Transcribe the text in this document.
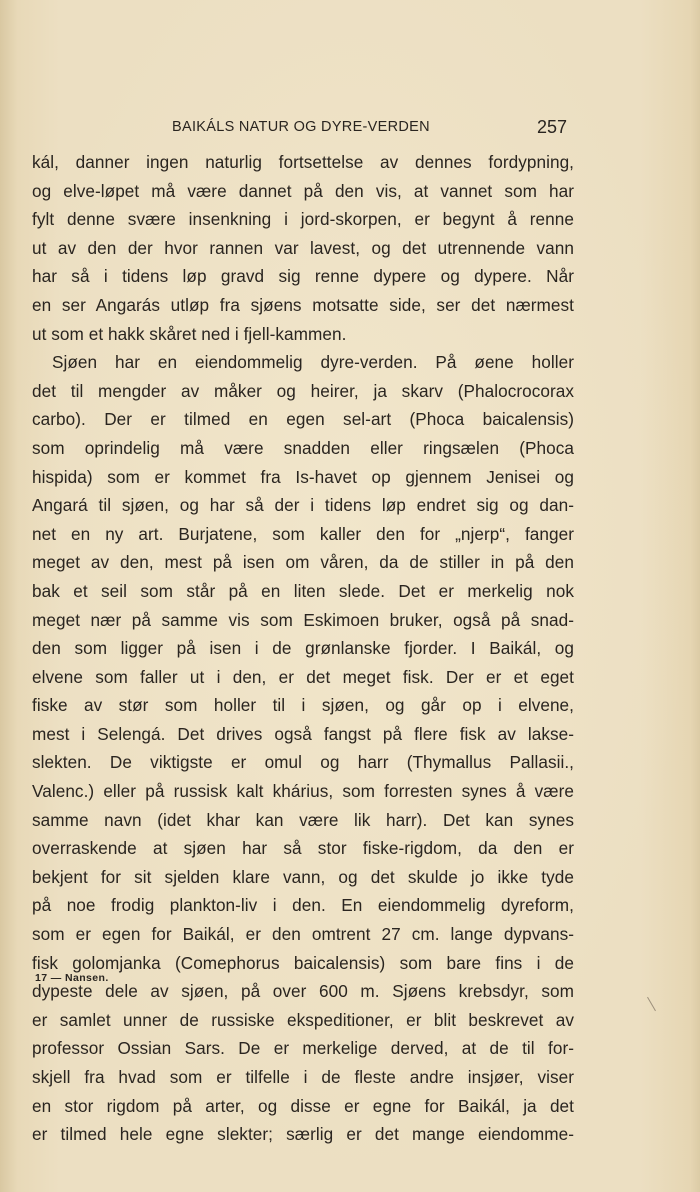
BAIKÁLS NATUR OG DYRE-VERDEN	257
kál, danner ingen naturlig fortsettelse av dennes fordypning,
og elve-løpet må være dannet på den vis, at vannet som har
fylt denne svære insenkning i jord-skorpen, er begynt å renne
ut av den der hvor rannen var lavest, og det utrennende vann
har så i tidens løp gravd sig renne dypere og dypere. Når
en ser Angarás utløp fra sjøens motsatte side, ser det nærmest
ut som et hakk skåret ned i fjell-kammen.
Sjøen har en eiendommelig dyre-verden. På øene holler
det til mengder av måker og heirer, ja skarv (Phalocrocorax
carbo). Der er tilmed en egen sel-art (Phoca baicalensis)
som oprindelig må være snadden eller ringsælen (Phoca
hispida) som er kommet fra Is-havet op gjennem Jenisei og
Angará til sjøen, og har så der i tidens løp endret sig og dan-
net en ny art. Burjatene, som kaller den for „njerp“, fanger
meget av den, mest på isen om våren, da de stiller in på den
bak et seil som står på en liten slede. Det er merkelig nok
meget nær på samme vis som Eskimoen bruker, også på snad-
den som ligger på isen i de grønlanske fjorder. I Baikál, og
elvene som faller ut i den, er det meget fisk. Der er et eget
fiske av stør som holler til i sjøen, og går op i elvene,
mest i Selengá. Det drives også fangst på flere fisk av lakse-
slekten. De viktigste er omul og harr (Thymallus Pallasii.,
Valenc.) eller på russisk kalt khárius, som forresten synes å være
samme navn (idet khar kan være lik harr). Det kan synes
overraskende at sjøen har så stor fiske-rigdom, da den er
bekjent for sit sjelden klare vann, og det skulde jo ikke tyde
på noe frodig plankton-liv i den. En eiendommelig dyreform,
som er egen for Baikál, er den omtrent 27 cm. lange dypvans-
fisk golomjanka (Comephorus baicalensis) som bare fins i de
dypeste dele av sjøen, på over 600 m. Sjøens krebsdyr, som
er samlet unner de russiske ekspeditioner, er blit beskrevet av
professor Ossian Sars. De er merkelige derved, at de til for-
skjell fra hvad som er tilfelle i de fleste andre insjøer, viser
en stor rigdom på arter, og disse er egne for Baikál, ja det
er tilmed hele egne slekter; særlig er det mange eiendomme-
17 — Nansen.
